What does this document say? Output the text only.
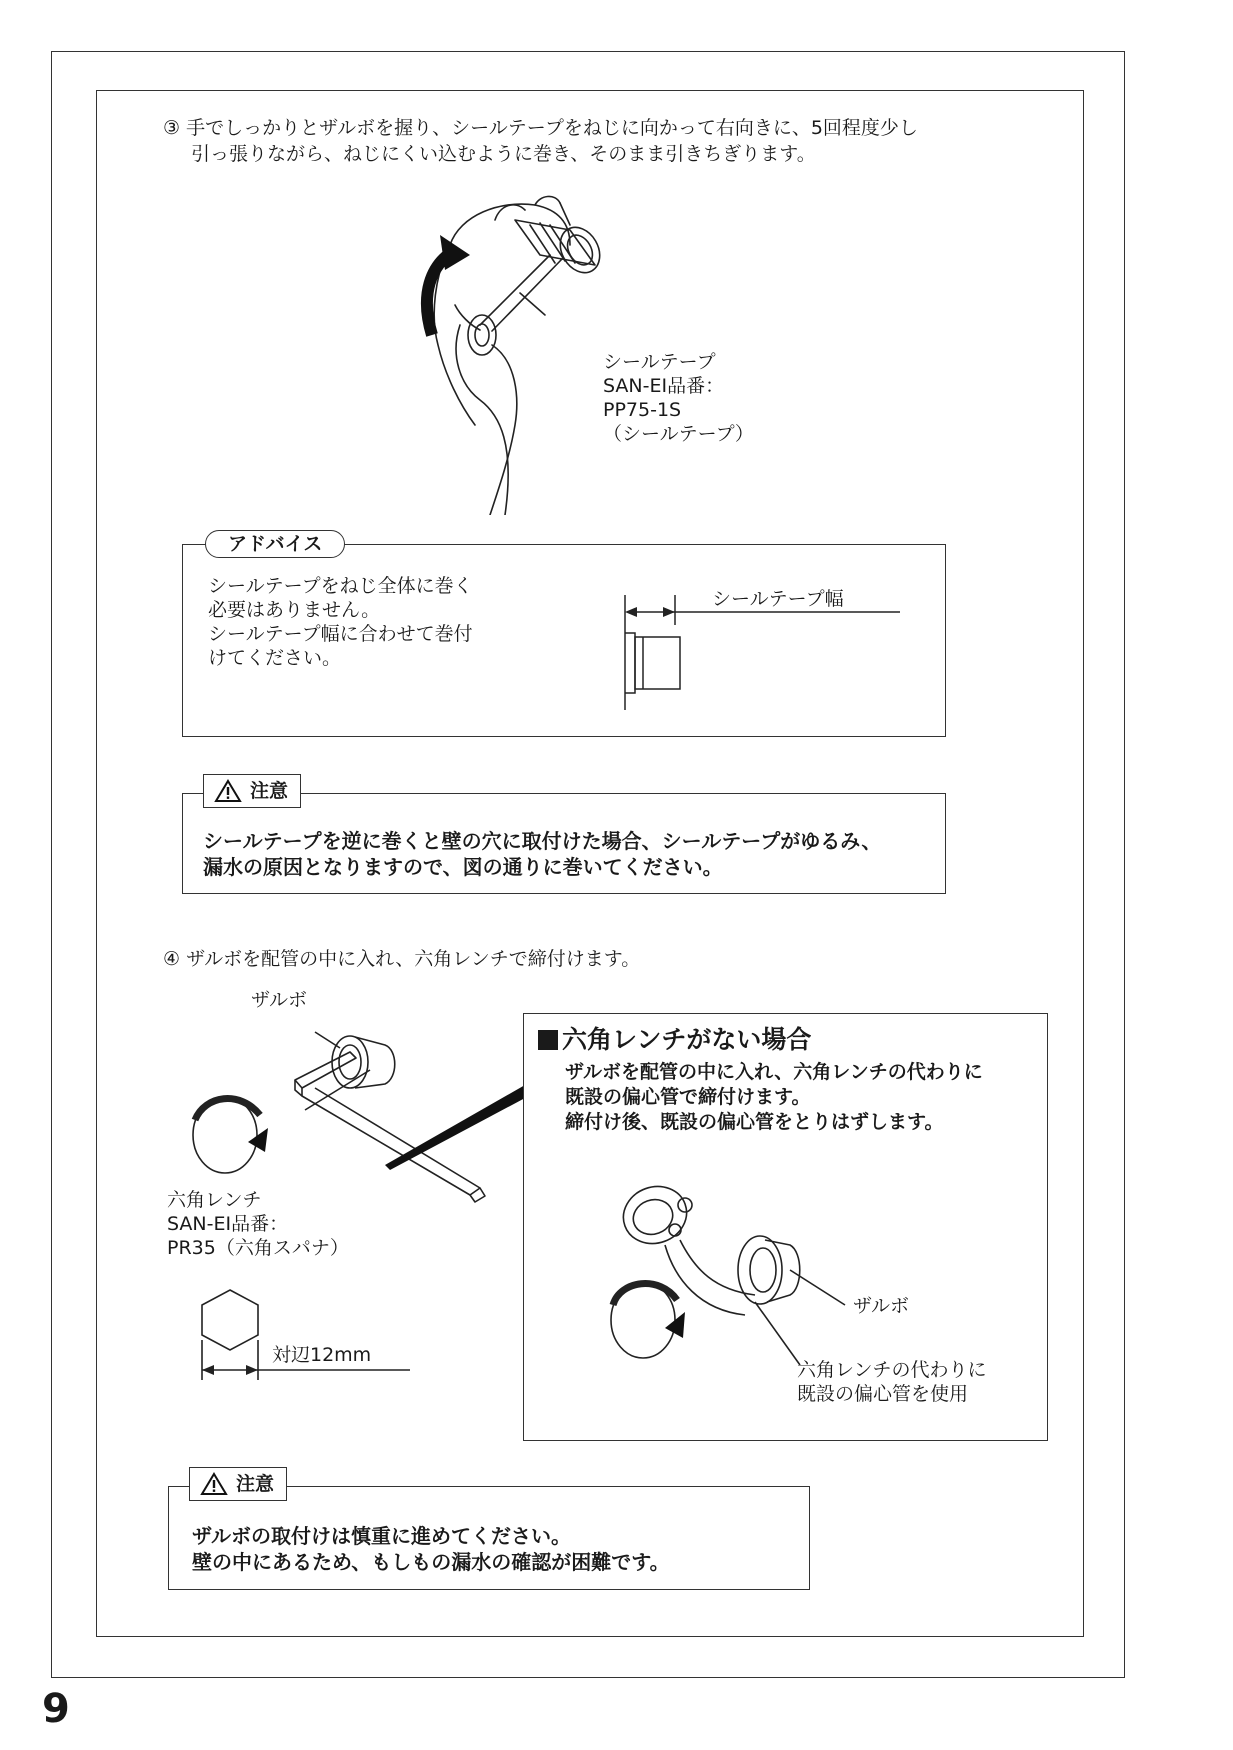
③ 手でしっかりとザルボを握り、シールテープをねじに向かって右向きに、5回程度少し
引っ張りながら、ねじにくい込むように巻き、そのまま引きちぎります。
シールテープ
SAN-EI品番：
PP75-1S
（シールテープ）
アドバイス
シールテープをねじ全体に巻く
必要はありません。
シールテープ幅に合わせて巻付
けてください。
シールテープ幅
注意
シールテープを逆に巻くと壁の穴に取付けた場合、シールテープがゆるみ、
漏水の原因となりますので、図の通りに巻いてください。
④ ザルボを配管の中に入れ、六角レンチで締付けます。
ザルボ
六角レンチ
SAN-EI品番：
PR35（六角スパナ）
対辺12mm
六角レンチがない場合
ザルボを配管の中に入れ、六角レンチの代わりに
既設の偏心管で締付けます。
締付け後、既設の偏心管をとりはずします。
ザルボ
六角レンチの代わりに
既設の偏心管を使用
注意
ザルボの取付けは慎重に進めてください。
壁の中にあるため、もしもの漏水の確認が困難です。
9
